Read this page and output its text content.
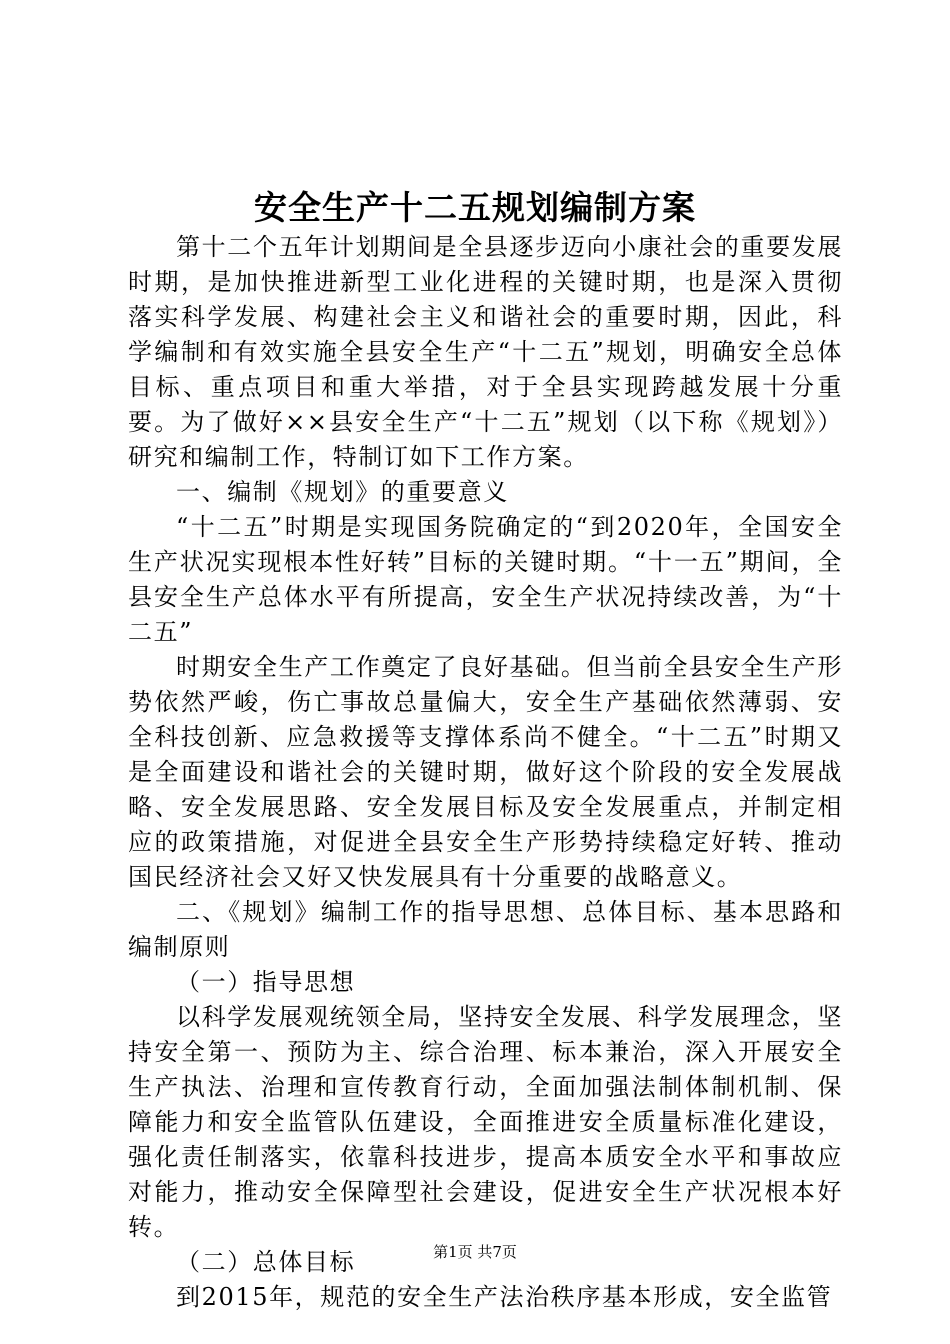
安全生产十二五规划编制方案

第十二个五年计划期间是全县逐步迈向小康社会的重要发展时期，是加快推进新型工业化进程的关键时期，也是深入贯彻落实科学发展、构建社会主义和谐社会的重要时期，因此，科学编制和有效实施全县安全生产“十二五”规划，明确安全总体目标、重点项目和重大举措，对于全县实现跨越发展十分重要。为了做好××县安全生产“十二五”规划（以下称《规划》）研究和编制工作，特制订如下工作方案。

一、编制《规划》的重要意义

“十二五”时期是实现国务院确定的“到2020年，全国安全生产状况实现根本性好转”目标的关键时期。“十一五”期间，全县安全生产总体水平有所提高，安全生产状况持续改善，为“十二五”

时期安全生产工作奠定了良好基础。但当前全县安全生产形势依然严峻，伤亡事故总量偏大，安全生产基础依然薄弱、安全科技创新、应急救援等支撑体系尚不健全。“十二五”时期又是全面建设和谐社会的关键时期，做好这个阶段的安全发展战略、安全发展思路、安全发展目标及安全发展重点，并制定相应的政策措施，对促进全县安全生产形势持续稳定好转、推动国民经济社会又好又快发展具有十分重要的战略意义。

二、《规划》编制工作的指导思想、总体目标、基本思路和编制原则

（一）指导思想

以科学发展观统领全局，坚持安全发展、科学发展理念，坚持安全第一、预防为主、综合治理、标本兼治，深入开展安全生产执法、治理和宣传教育行动，全面加强法制体制机制、保障能力和安全监管队伍建设，全面推进安全质量标准化建设，强化责任制落实，依靠科技进步，提高本质安全水平和事故应对能力，推动安全保障型社会建设，促进安全生产状况根本好转。

（二）总体目标

到2015年，规范的安全生产法治秩序基本形成，安全监管

第1页 共7页
